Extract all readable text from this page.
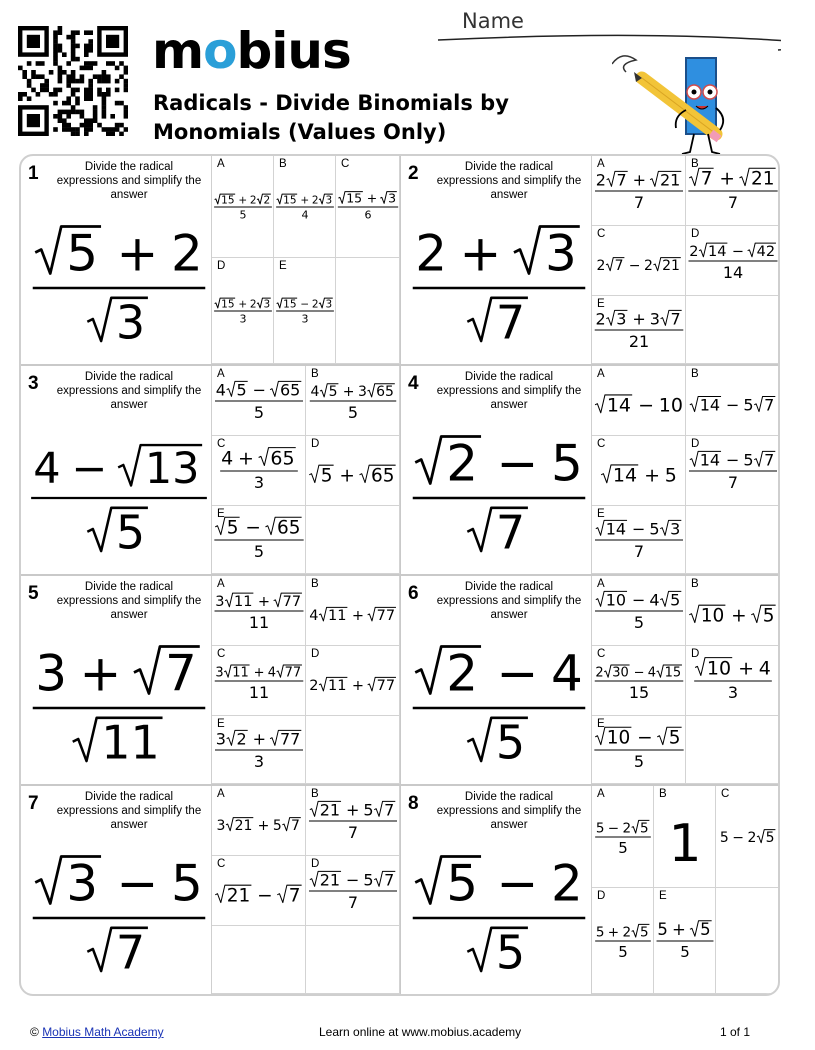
mobius
Radicals - Divide Binomials by
Monomials (Values Only)
Name
1	Divide the radical expressions and simplify the answer
5 + 2
3
A
15 + 2 2
5
B
15 + 2 3
4
C
15 + 3
6
D
15 + 2 3
3
E
15 − 2 3
3
2	Divide the radical expressions and simplify the answer
2 + 3
7
A
2 7 + 21
7
B
7 + 21
7
C
2 7 − 2 21
D
2 14 − 42
14
E
2 3 + 3 7
21
3	Divide the radical expressions and simplify the answer
4 − 13
5
A
4 5 − 65
5
B
4 5 + 3 65
5
C
4 + 65
3
D
5 + 65
E
5 − 65
5
4	Divide the radical expressions and simplify the answer
2 − 5
7
A
14 − 10
B
14 − 5 7
C
14 + 5
D
14 − 5 7
7
E
14 − 5 3
7
5	Divide the radical expressions and simplify the answer
3 + 7
11
A
3 11 + 77
11
B
4 11 + 77
C
3 11 + 4 77
11
D
2 11 + 77
E
3 2 + 77
3
6	Divide the radical expressions and simplify the answer
2 − 4
5
A
10 − 4 5
5
B
10 + 5
C
2 30 − 4 15
15
D
10 + 4
3
E
10 − 5
5
7	Divide the radical expressions and simplify the answer
3 − 5
7
A
3 21 + 5 7
B
21 + 5 7
7
C
21 − 7
D
21 − 5 7
7
8	Divide the radical expressions and simplify the answer
5 − 2
5
A
5 − 2 5
5
B
1
C
5 − 2 5
D
5 + 2 5
5
E
5 + 5
5
© Mobius Math Academy	Learn online at www.mobius.academy	1 of 1
